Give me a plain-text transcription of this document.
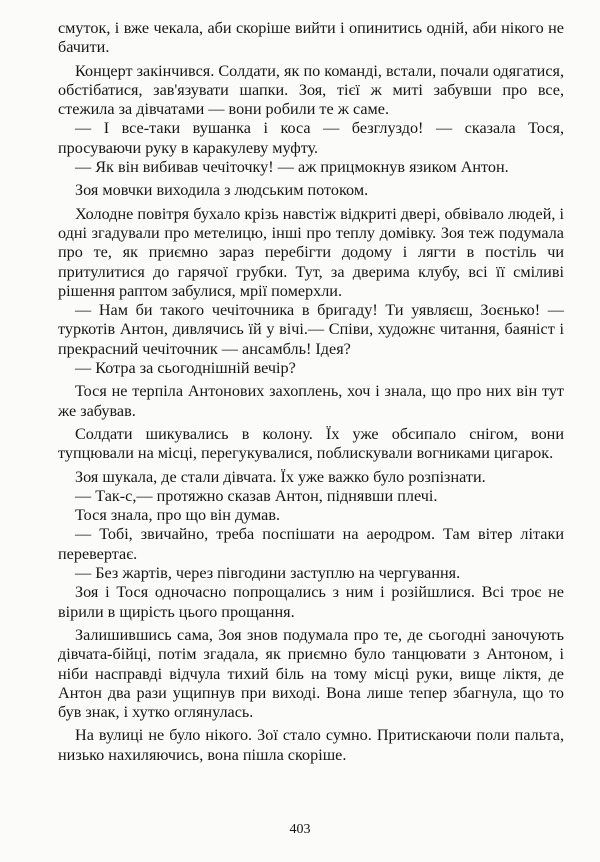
смуток, і вже чекала, аби скоріше вийти і опинитись одній, аби нікого не бачити.

Концерт закінчився. Солдати, як по команді, встали, почали одягатися, обстібатися, зав'язувати шапки. Зоя, тієї ж миті забувши про все, стежила за дівчатами — вони робили те ж саме.

— І все-таки вушанка і коса — безглуздо! — сказала Тося, просуваючи руку в каракулеву муфту.

— Як він вибивав чечіточку! — аж прицмокнув язиком Антон.

Зоя мовчки виходила з людським потоком.

Холодне повітря бухало крізь навстіж відкриті двері, обвівало людей, і одні згадували про метелицю, інші про теплу домівку. Зоя теж подумала про те, як приємно зараз перебігти додому і лягти в постіль чи притулитися до гарячої грубки. Тут, за дверима клубу, всі її сміливі рішення раптом забулися, мрії померхли.

— Нам би такого чечіточника в бригаду! Ти уявляєш, Зоєнько! — туркотів Антон, дивлячись їй у вічі.— Співи, художнє читання, баяніст і прекрасний чечіточник — ансамбль! Ідея?

— Котра за сьогоднішній вечір?

Тося не терпіла Антонових захоплень, хоч і знала, що про них він тут же забував.

Солдати шикувались в колону. Їх уже обсипало снігом, вони тупцювали на місці, перегукувалися, поблискували вогниками цигарок.

Зоя шукала, де стали дівчата. Їх уже важко було розпізнати.

— Так-с,— протяжно сказав Антон, піднявши плечі.

Тося знала, про що він думав.

— Тобі, звичайно, треба поспішати на аеродром. Там вітер літаки перевертає.

— Без жартів, через півгодини заступлю на чергування.

Зоя і Тося одночасно попрощались з ним і розійшлися. Всі троє не вірили в щирість цього прощання.

Залишившись сама, Зоя знов подумала про те, де сьогодні заночують дівчата-бійці, потім згадала, як приємно було танцювати з Антоном, і ніби насправді відчула тихий біль на тому місці руки, вище ліктя, де Антон два рази ущипнув при виході. Вона лише тепер збагнула, що то був знак, і хутко оглянулась.

На вулиці не було нікого. Зої стало сумно. Притискаючи поли пальта, низько нахиляючись, вона пішла скоріше.

403
